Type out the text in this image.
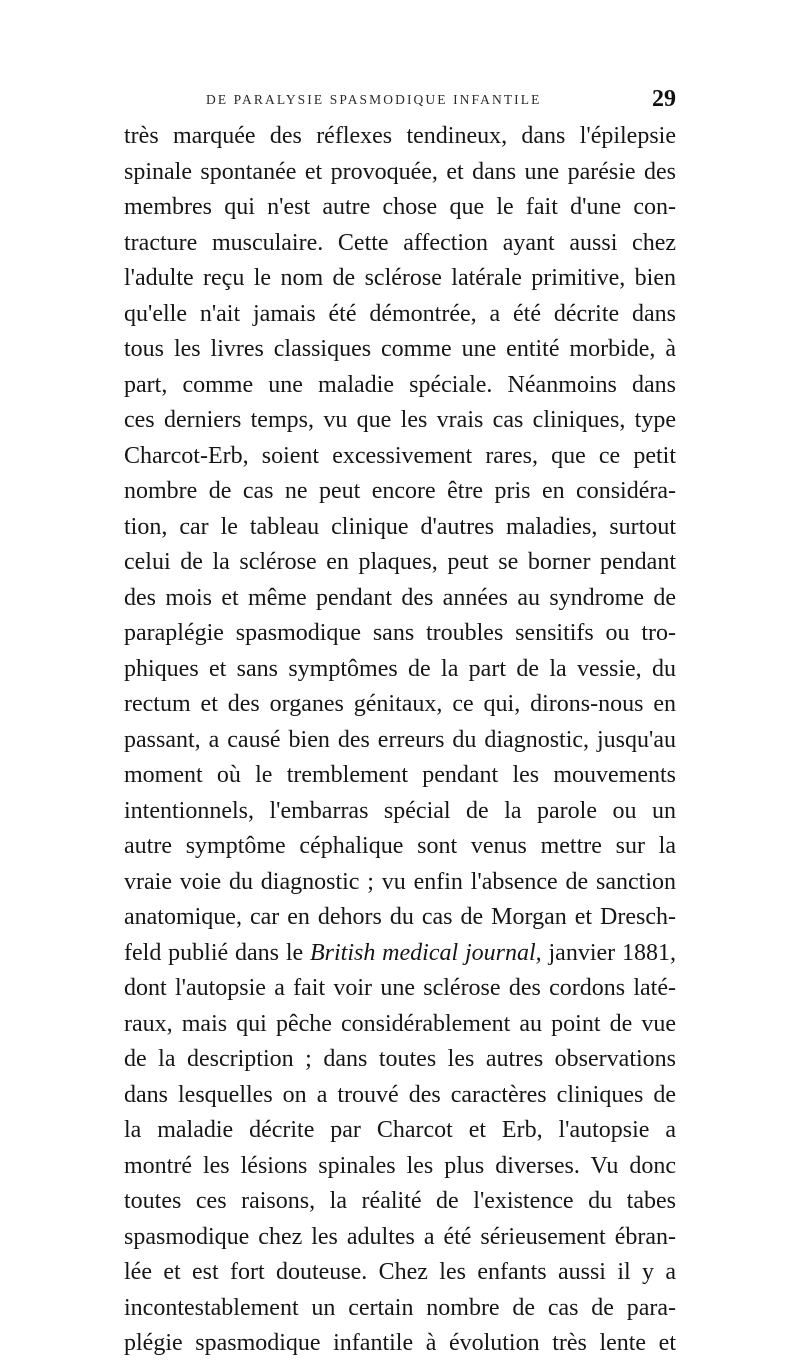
DE PARALYSIE SPASMODIQUE INFANTILE	29
très marquée des réflexes tendineux, dans l'épilepsie
spinale spontanée et provoquée, et dans une parésie des
membres qui n'est autre chose que le fait d'une con-
tracture musculaire. Cette affection ayant aussi chez
l'adulte reçu le nom de sclérose latérale primitive, bien
qu'elle n'ait jamais été démontrée, a été décrite dans
tous les livres classiques comme une entité morbide, à
part, comme une maladie spéciale. Néanmoins dans
ces derniers temps, vu que les vrais cas cliniques, type
Charcot-Erb, soient excessivement rares, que ce petit
nombre de cas ne peut encore être pris en considéra-
tion, car le tableau clinique d'autres maladies, surtout
celui de la sclérose en plaques, peut se borner pendant
des mois et même pendant des années au syndrome de
paraplégie spasmodique sans troubles sensitifs ou tro-
phiques et sans symptômes de la part de la vessie, du
rectum et des organes génitaux, ce qui, dirons-nous en
passant, a causé bien des erreurs du diagnostic, jusqu'au
moment où le tremblement pendant les mouvements
intentionnels, l'embarras spécial de la parole ou un
autre symptôme céphalique sont venus mettre sur la
vraie voie du diagnostic ; vu enfin l'absence de sanction
anatomique, car en dehors du cas de Morgan et Dresch-
feld publié dans le British medical journal, janvier 1881,
dont l'autopsie a fait voir une sclérose des cordons laté-
raux, mais qui pêche considérablement au point de vue
de la description ; dans toutes les autres observations
dans lesquelles on a trouvé des caractères cliniques de
la maladie décrite par Charcot et Erb, l'autopsie a
montré les lésions spinales les plus diverses. Vu donc
toutes ces raisons, la réalité de l'existence du tabes
spasmodique chez les adultes a été sérieusement ébran-
lée et est fort douteuse. Chez les enfants aussi il y a
incontestablement un certain nombre de cas de para-
plégie spasmodique infantile à évolution très lente et
